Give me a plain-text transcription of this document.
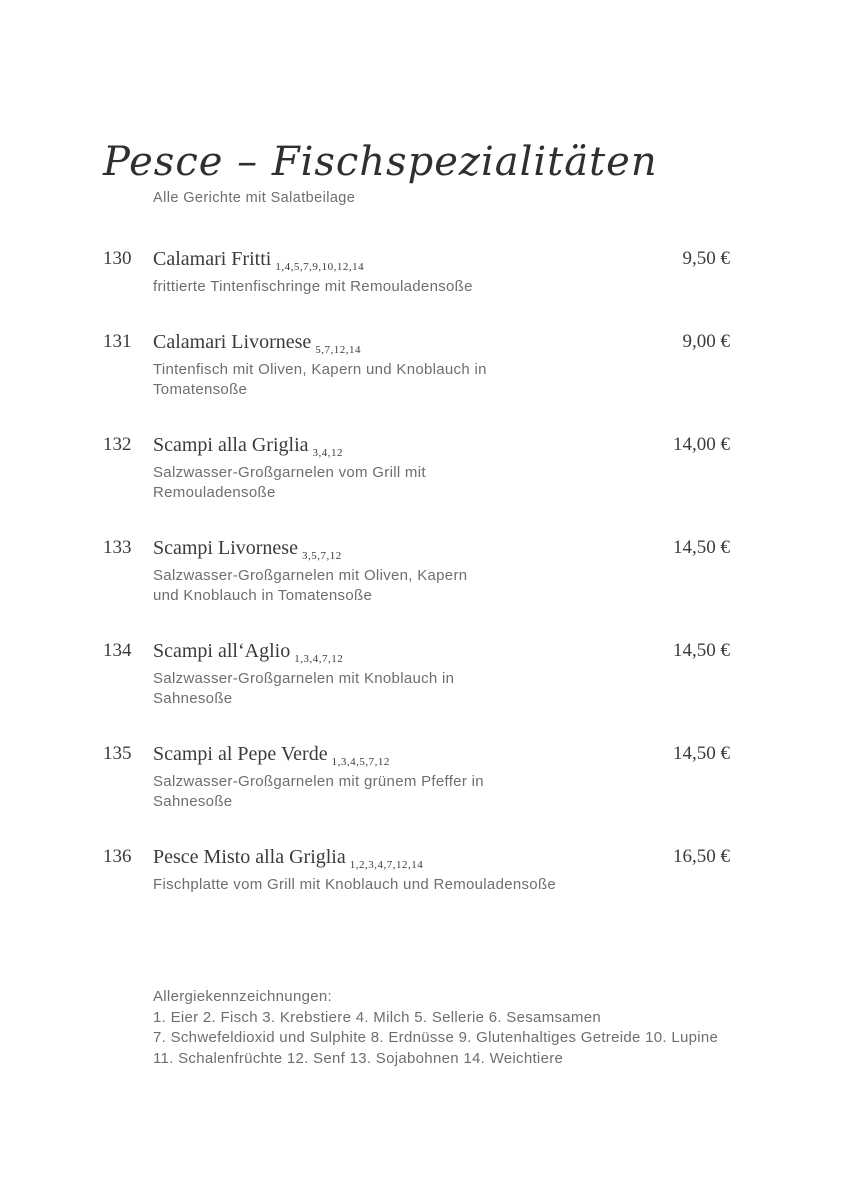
Pesce – Fischspezialitäten

Alle Gerichte mit Salatbeilage

130	Calamari Fritti $_{1,4,5,7,9,10,12,14}$
frittierte Tintenfischringe mit Remouladensoße
9,50 €
131	Calamari Livornese $_{5,7,12,14}$
Tintenfisch mit Oliven, Kapern und Knoblauch in
Tomatensoße
9,00 €
132	Scampi alla Griglia $_{3,4,12}$
Salzwasser-Großgarnelen vom Grill mit
Remouladensoße
14,00 €
133	Scampi Livornese $_{3,5,7,12}$
Salzwasser-Großgarnelen mit Oliven, Kapern
und Knoblauch in Tomatensoße
14,50 €
134	Scampi all‘Aglio $_{1,3,4,7,12}$
Salzwasser-Großgarnelen mit Knoblauch in
Sahnesoße
14,50 €
135	Scampi al Pepe Verde $_{1,3,4,5,7,12}$
Salzwasser-Großgarnelen mit grünem Pfeffer in
Sahnesoße
14,50 €
136	Pesce Misto alla Griglia $_{1,2,3,4,7,12,14}$
Fischplatte vom Grill mit Knoblauch und Remouladensoße
16,50 €
Allergiekennzeichnungen:
1. Eier 2. Fisch 3. Krebstiere 4. Milch 5. Sellerie 6. Sesamsamen
7. Schwefeldioxid und Sulphite 8. Erdnüsse 9. Glutenhaltiges Getreide 10. Lupine
11. Schalenfrüchte 12. Senf 13. Sojabohnen 14. Weichtiere
